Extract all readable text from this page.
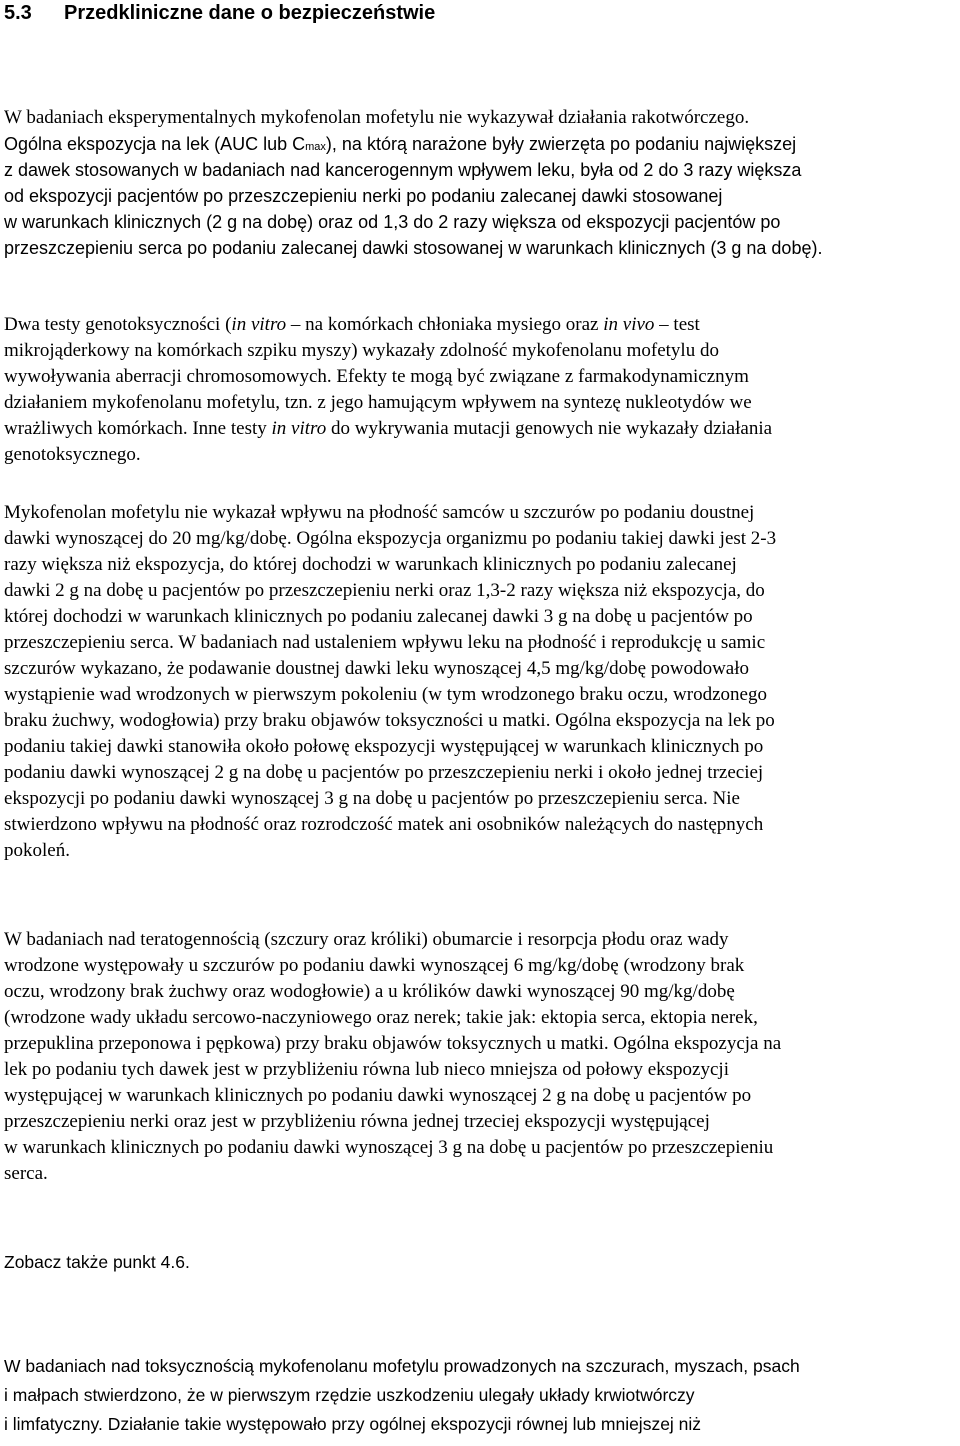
5.3 Przedkliniczne dane o bezpieczeństwie
W badaniach eksperymentalnych mykofenolan mofetylu nie wykazywał działania rakotwórczego.
Ogólna ekspozycja na lek (AUC lub Cmax), na którą narażone były zwierzęta po podaniu największej
z dawek stosowanych w badaniach nad kancerogennym wpływem leku, była od 2 do 3 razy większa
od ekspozycji pacjentów po przeszczepieniu nerki po podaniu zalecanej dawki stosowanej
w warunkach klinicznych (2 g na dobę) oraz od 1,3 do 2 razy większa od ekspozycji pacjentów po
przeszczepieniu serca po podaniu zalecanej dawki stosowanej w warunkach klinicznych (3 g na dobę).
Dwa testy genotoksyczności (in vitro – na komórkach chłoniaka mysiego oraz in vivo – test
mikrojąderkowy na komórkach szpiku myszy) wykazały zdolność mykofenolanu mofetylu do
wywoływania aberracji chromosomowych. Efekty te mogą być związane z farmakodynamicznym
działaniem mykofenolanu mofetylu, tzn. z jego hamującym wpływem na syntezę nukleotydów we
wrażliwych komórkach. Inne testy in vitro do wykrywania mutacji genowych nie wykazały działania
genotoksycznego.
Mykofenolan mofetylu nie wykazał wpływu na płodność samców u szczurów po podaniu doustnej
dawki wynoszącej do 20 mg/kg/dobę. Ogólna ekspozycja organizmu po podaniu takiej dawki jest 2-3
razy większa niż ekspozycja, do której dochodzi w warunkach klinicznych po podaniu zalecanej
dawki 2 g na dobę u pacjentów po przeszczepieniu nerki oraz 1,3-2 razy większa niż ekspozycja, do
której dochodzi w warunkach klinicznych po podaniu zalecanej dawki 3 g na dobę u pacjentów po
przeszczepieniu serca. W badaniach nad ustaleniem wpływu leku na płodność i reprodukcję u samic
szczurów wykazano, że podawanie doustnej dawki leku wynoszącej 4,5 mg/kg/dobę powodowało
wystąpienie wad wrodzonych w pierwszym pokoleniu (w tym wrodzonego braku oczu, wrodzonego
braku żuchwy, wodogłowia) przy braku objawów toksyczności u matki. Ogólna ekspozycja na lek po
podaniu takiej dawki stanowiła około połowę ekspozycji występującej w warunkach klinicznych po
podaniu dawki wynoszącej 2 g na dobę u pacjentów po przeszczepieniu nerki i około jednej trzeciej
ekspozycji po podaniu dawki wynoszącej 3 g na dobę u pacjentów po przeszczepieniu serca. Nie
stwierdzono wpływu na płodność oraz rozrodczość matek ani osobników należących do następnych
pokoleń.
W badaniach nad teratogennością (szczury oraz króliki) obumarcie i resorpcja płodu oraz wady
wrodzone występowały u szczurów po podaniu dawki wynoszącej 6 mg/kg/dobę (wrodzony brak
oczu, wrodzony brak żuchwy oraz wodogłowie) a u królików dawki wynoszącej 90 mg/kg/dobę
(wrodzone wady układu sercowo-naczyniowego oraz nerek; takie jak: ektopia serca, ektopia nerek,
przepuklina przeponowa i pępkowa) przy braku objawów toksycznych u matki. Ogólna ekspozycja na
lek po podaniu tych dawek jest w przybliżeniu równa lub nieco mniejsza od połowy ekspozycji
występującej w warunkach klinicznych po podaniu dawki wynoszącej 2 g na dobę u pacjentów po
przeszczepieniu nerki oraz jest w przybliżeniu równa jednej trzeciej ekspozycji występującej
w warunkach klinicznych po podaniu dawki wynoszącej 3 g na dobę u pacjentów po przeszczepieniu
serca.
Zobacz także punkt 4.6.
W badaniach nad toksycznością mykofenolanu mofetylu prowadzonych na szczurach, myszach, psach
i małpach stwierdzono, że w pierwszym rzędzie uszkodzeniu ulegały układy krwiotwórczy
i limfatyczny. Działanie takie występowało przy ogólnej ekspozycji równej lub mniejszej niż
